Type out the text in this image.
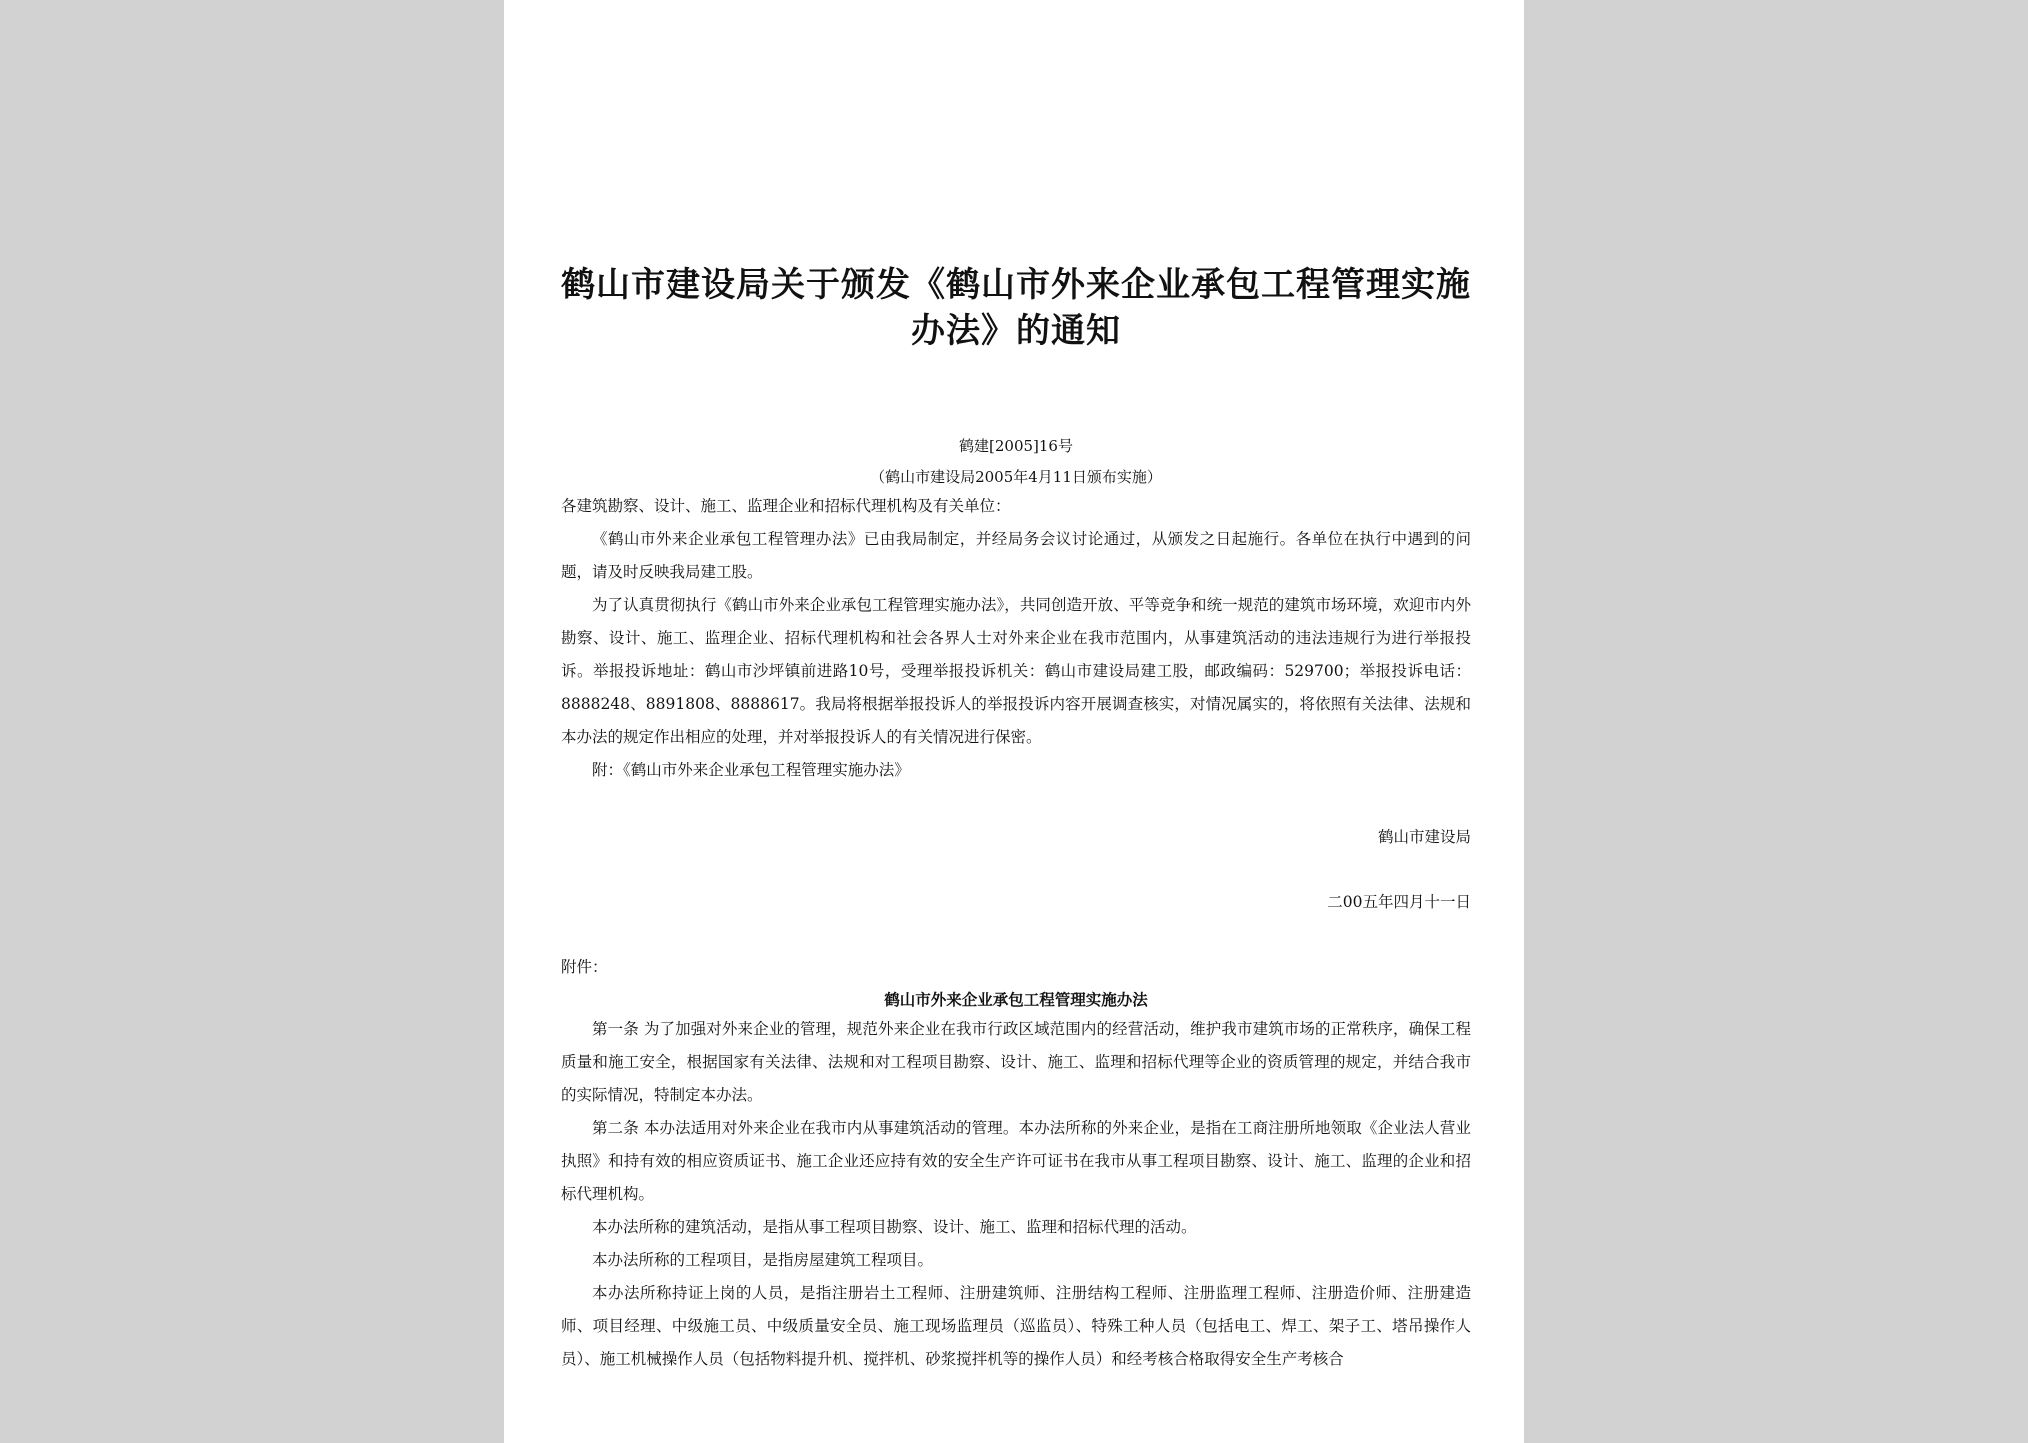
鹤山市建设局关于颁发《鹤山市外来企业承包工程管理实施办法》的通知
鹤建[2005]16号
（鹤山市建设局2005年4月11日颁布实施）

各建筑勘察、设计、施工、监理企业和招标代理机构及有关单位：

《鹤山市外来企业承包工程管理办法》已由我局制定，并经局务会议讨论通过，从颁发之日起施行。各单位在执行中遇到的问题，请及时反映我局建工股。

为了认真贯彻执行《鹤山市外来企业承包工程管理实施办法》，共同创造开放、平等竞争和统一规范的建筑市场环境，欢迎市内外勘察、设计、施工、监理企业、招标代理机构和社会各界人士对外来企业在我市范围内，从事建筑活动的违法违规行为进行举报投诉。举报投诉地址：鹤山市沙坪镇前进路10号，受理举报投诉机关：鹤山市建设局建工股，邮政编码：529700；举报投诉电话：8888248、8891808、8888617。我局将根据举报投诉人的举报投诉内容开展调查核实，对情况属实的，将依照有关法律、法规和本办法的规定作出相应的处理，并对举报投诉人的有关情况进行保密。

附：《鹤山市外来企业承包工程管理实施办法》

鹤山市建设局
二00五年四月十一日
附件：
鹤山市外来企业承包工程管理实施办法

第一条 为了加强对外来企业的管理，规范外来企业在我市行政区域范围内的经营活动，维护我市建筑市场的正常秩序，确保工程质量和施工安全，根据国家有关法律、法规和对工程项目勘察、设计、施工、监理和招标代理等企业的资质管理的规定，并结合我市的实际情况，特制定本办法。

第二条 本办法适用对外来企业在我市内从事建筑活动的管理。本办法所称的外来企业，是指在工商注册所地领取《企业法人营业执照》和持有效的相应资质证书、施工企业还应持有效的安全生产许可证书在我市从事工程项目勘察、设计、施工、监理的企业和招标代理机构。

本办法所称的建筑活动，是指从事工程项目勘察、设计、施工、监理和招标代理的活动。

本办法所称的工程项目，是指房屋建筑工程项目。

本办法所称持证上岗的人员，是指注册岩土工程师、注册建筑师、注册结构工程师、注册监理工程师、注册造价师、注册建造师、项目经理、中级施工员、中级质量安全员、施工现场监理员（巡监员）、特殊工种人员（包括电工、焊工、架子工、塔吊操作人员）、施工机械操作人员（包括物料提升机、搅拌机、砂浆搅拌机等的操作人员）和经考核合格取得安全生产考核合
